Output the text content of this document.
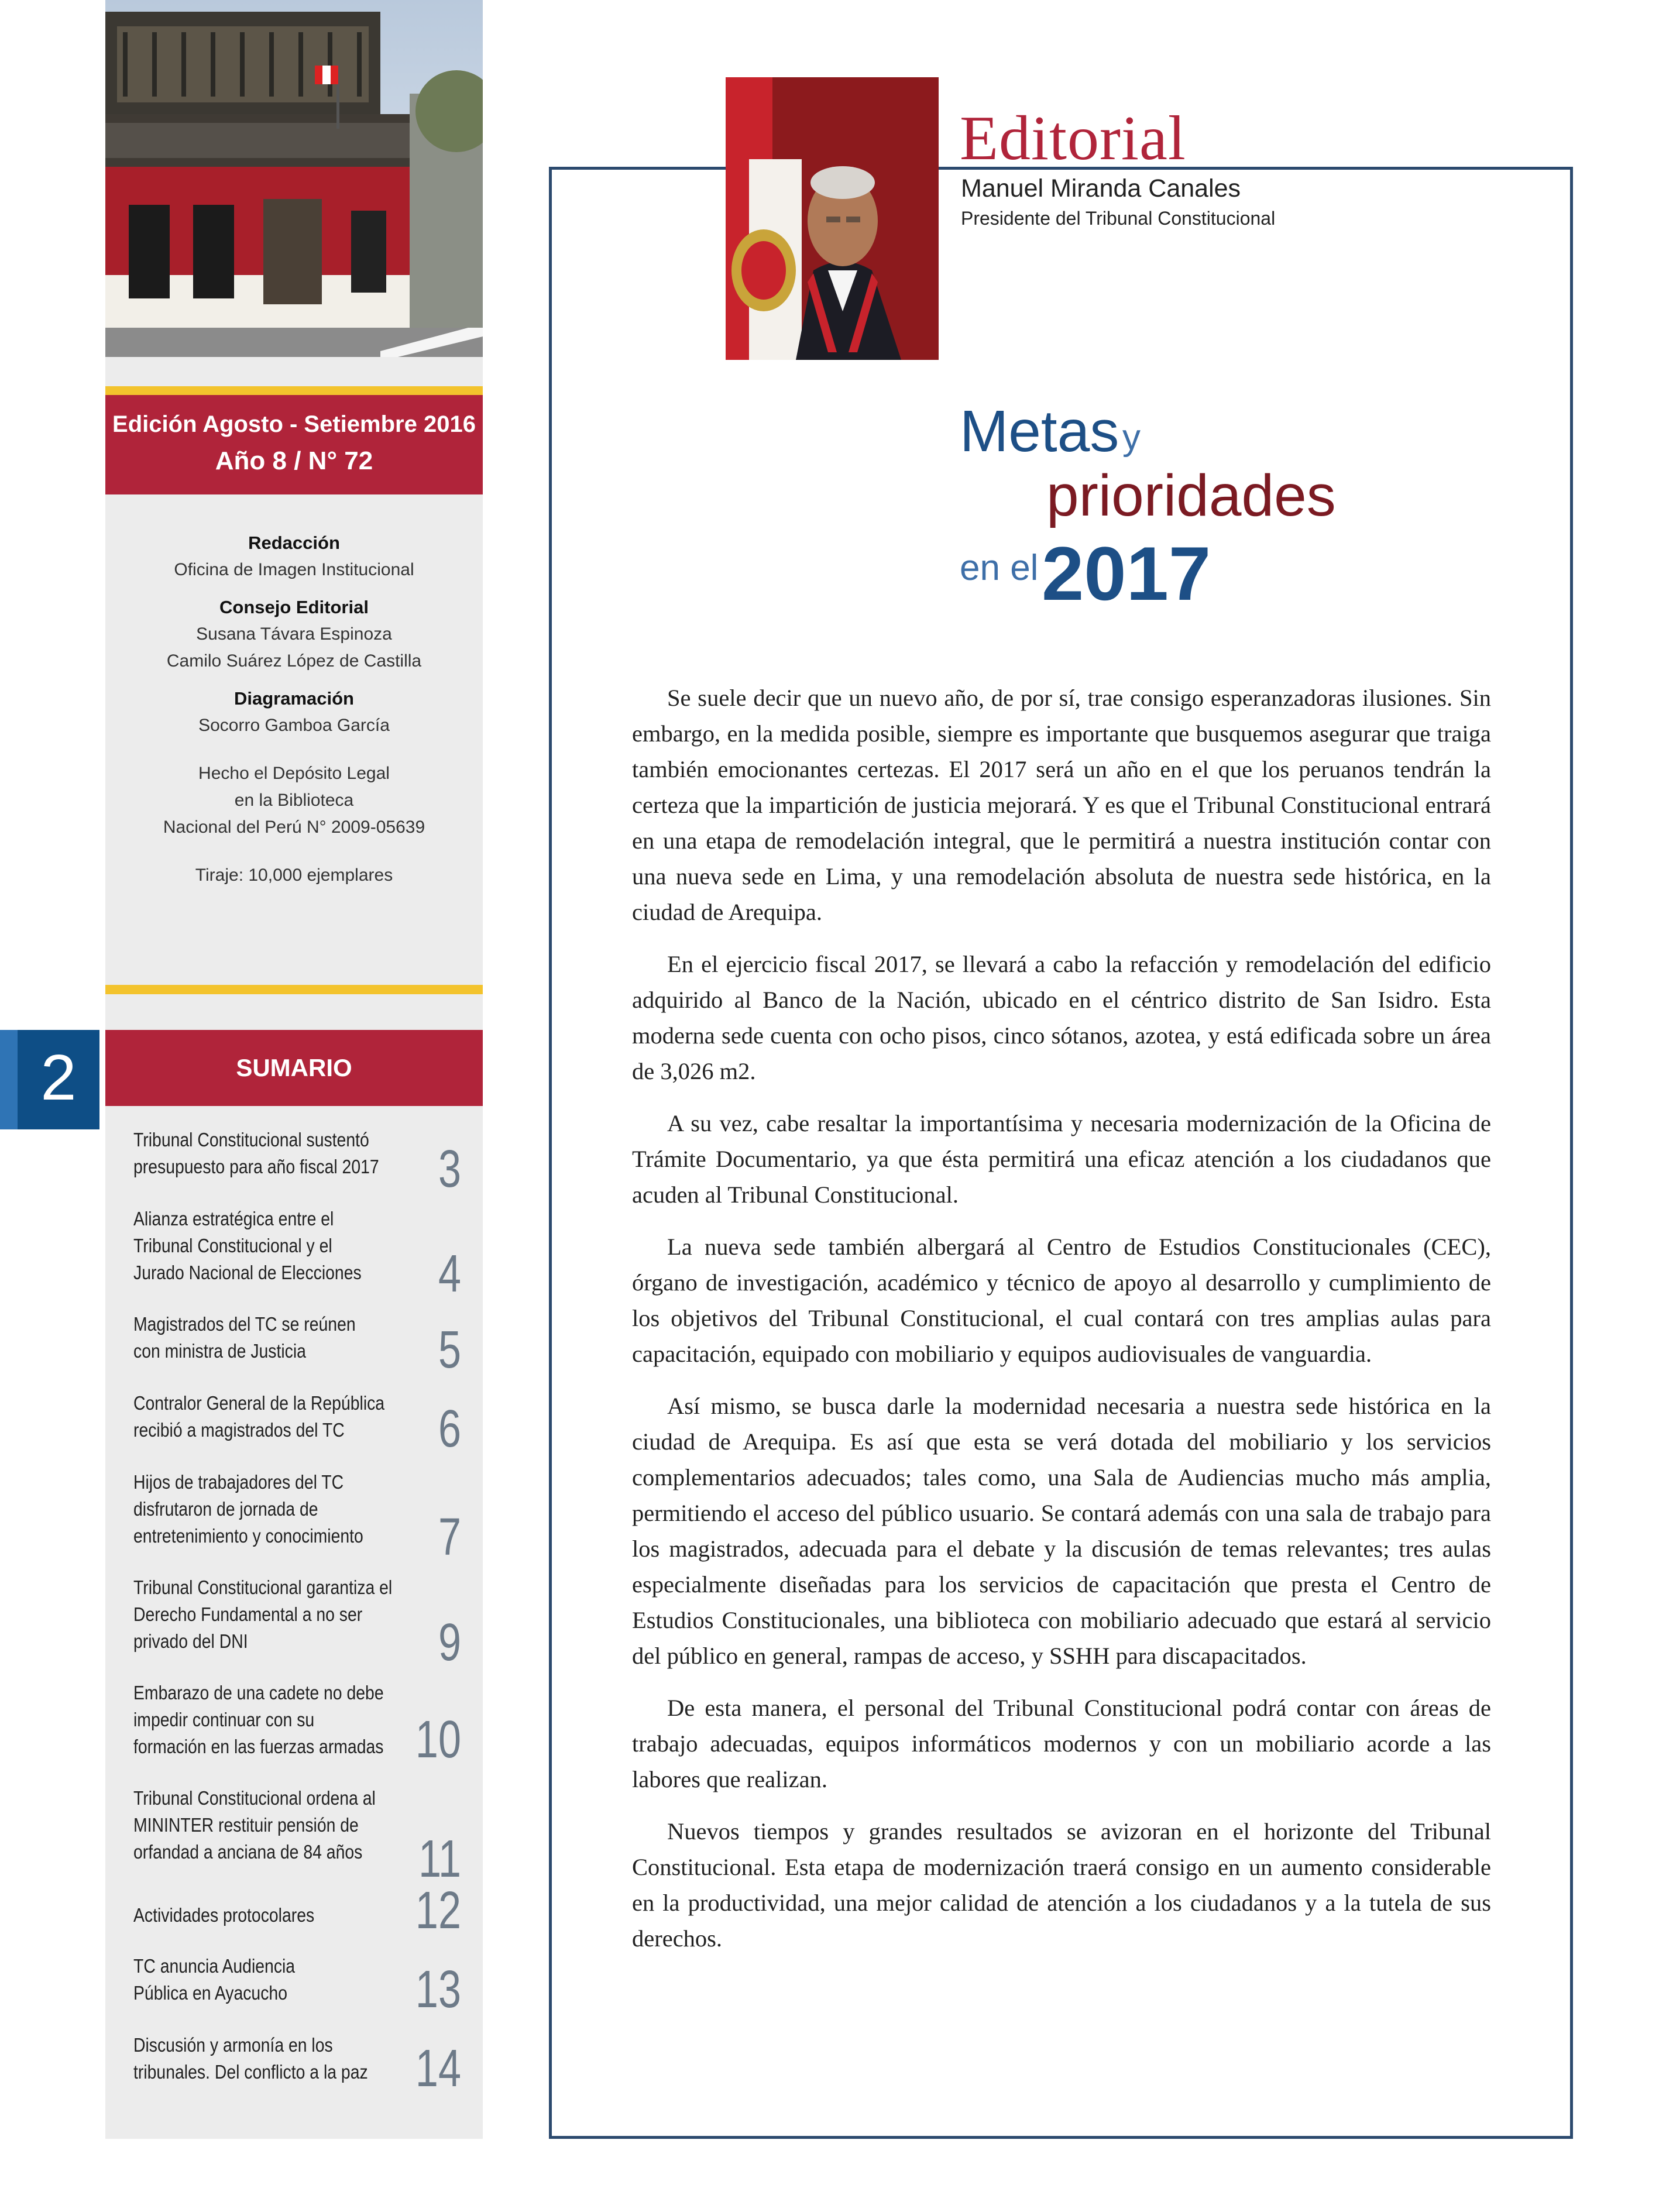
Edición Agosto - Setiembre 2016
Año 8 / N° 72
Redacción
Oficina de Imagen Institucional
Consejo Editorial
Susana Távara Espinoza
Camilo Suárez López de Castilla
Diagramación
Socorro Gamboa García
Hecho el Depósito Legal
en la Biblioteca
Nacional del Perú N° 2009-05639
Tiraje: 10,000 ejemplares
2	SUMARIO
Tribunal Constitucional sustentó presupuesto para año fiscal 2017	3
Alianza estratégica entre el Tribunal Constitucional y el Jurado Nacional de Elecciones	4
Magistrados del TC se reúnen con ministra de Justicia	5
Contralor General de la República recibió a magistrados del TC	6
Hijos de trabajadores del TC disfrutaron de jornada de entretenimiento y conocimiento	7
Tribunal Constitucional garantiza el Derecho Fundamental a no ser privado del DNI	9
Embarazo de una cadete no debe impedir continuar con su formación en las fuerzas armadas 10
Tribunal Constitucional ordena al MININTER restituir pensión de orfandad a anciana de 84 años	11
Actividades protocolares	12
TC anuncia Audiencia Pública en Ayacucho	13
Discusión y armonía en los tribunales. Del conflicto a la paz 14
Editorial
Manuel Miranda Canales
Presidente del Tribunal Constitucional
Metas y
prioridades
en el 2017

Se suele decir que un nuevo año, de por sí, trae consigo esperanzadoras ilusiones. Sin embargo, en la medida posible, siempre es importante que busquemos asegurar que traiga también emocionantes certezas. El 2017 será un año en el que los peruanos tendrán la certeza que la impartición de justicia mejorará. Y es que el Tribunal Constitucional entrará en una etapa de remodelación integral, que le permitirá a nuestra institución contar con una nueva sede en Lima, y una remodelación absoluta de nuestra sede histórica, en la ciudad de Arequipa.

En el ejercicio fiscal 2017, se llevará a cabo la refacción y remodelación del edificio adquirido al Banco de la Nación, ubicado en el céntrico distrito de San Isidro. Esta moderna sede cuenta con ocho pisos, cinco sótanos, azotea, y está edificada sobre un área de 3,026 m2.

A su vez, cabe resaltar la importantísima y necesaria modernización de la Oficina de Trámite Documentario, ya que ésta permitirá una eficaz atención a los ciudadanos que acuden al Tribunal Constitucional.

La nueva sede también albergará al Centro de Estudios Constitucionales (CEC), órgano de investigación, académico y técnico de apoyo al desarrollo y cumplimiento de los objetivos del Tribunal Constitucional, el cual contará con tres amplias aulas para capacitación, equipado con mobiliario y equipos audiovisuales de vanguardia.

Así mismo, se busca darle la modernidad necesaria a nuestra sede histórica en la ciudad de Arequipa. Es así que esta se verá dotada del mobiliario y los servicios complementarios adecuados; tales como, una Sala de Audiencias mucho más amplia, permitiendo el acceso del público usuario. Se contará además con una sala de trabajo para los magistrados, adecuada para el debate y la discusión de temas relevantes; tres aulas especialmente diseñadas para los servicios de capacitación que presta el Centro de Estudios Constitucionales, una biblioteca con mobiliario adecuado que estará al servicio del público en general, rampas de acceso, y SSHH para discapacitados.

De esta manera, el personal del Tribunal Constitucional podrá contar con áreas de trabajo adecuadas, equipos informáticos modernos y con un mobiliario acorde a las labores que realizan.

Nuevos tiempos y grandes resultados se avizoran en el horizonte del Tribunal Constitucional. Esta etapa de modernización traerá consigo en un aumento considerable en la productividad, una mejor calidad de atención a los ciudadanos y a la tutela de sus derechos.
